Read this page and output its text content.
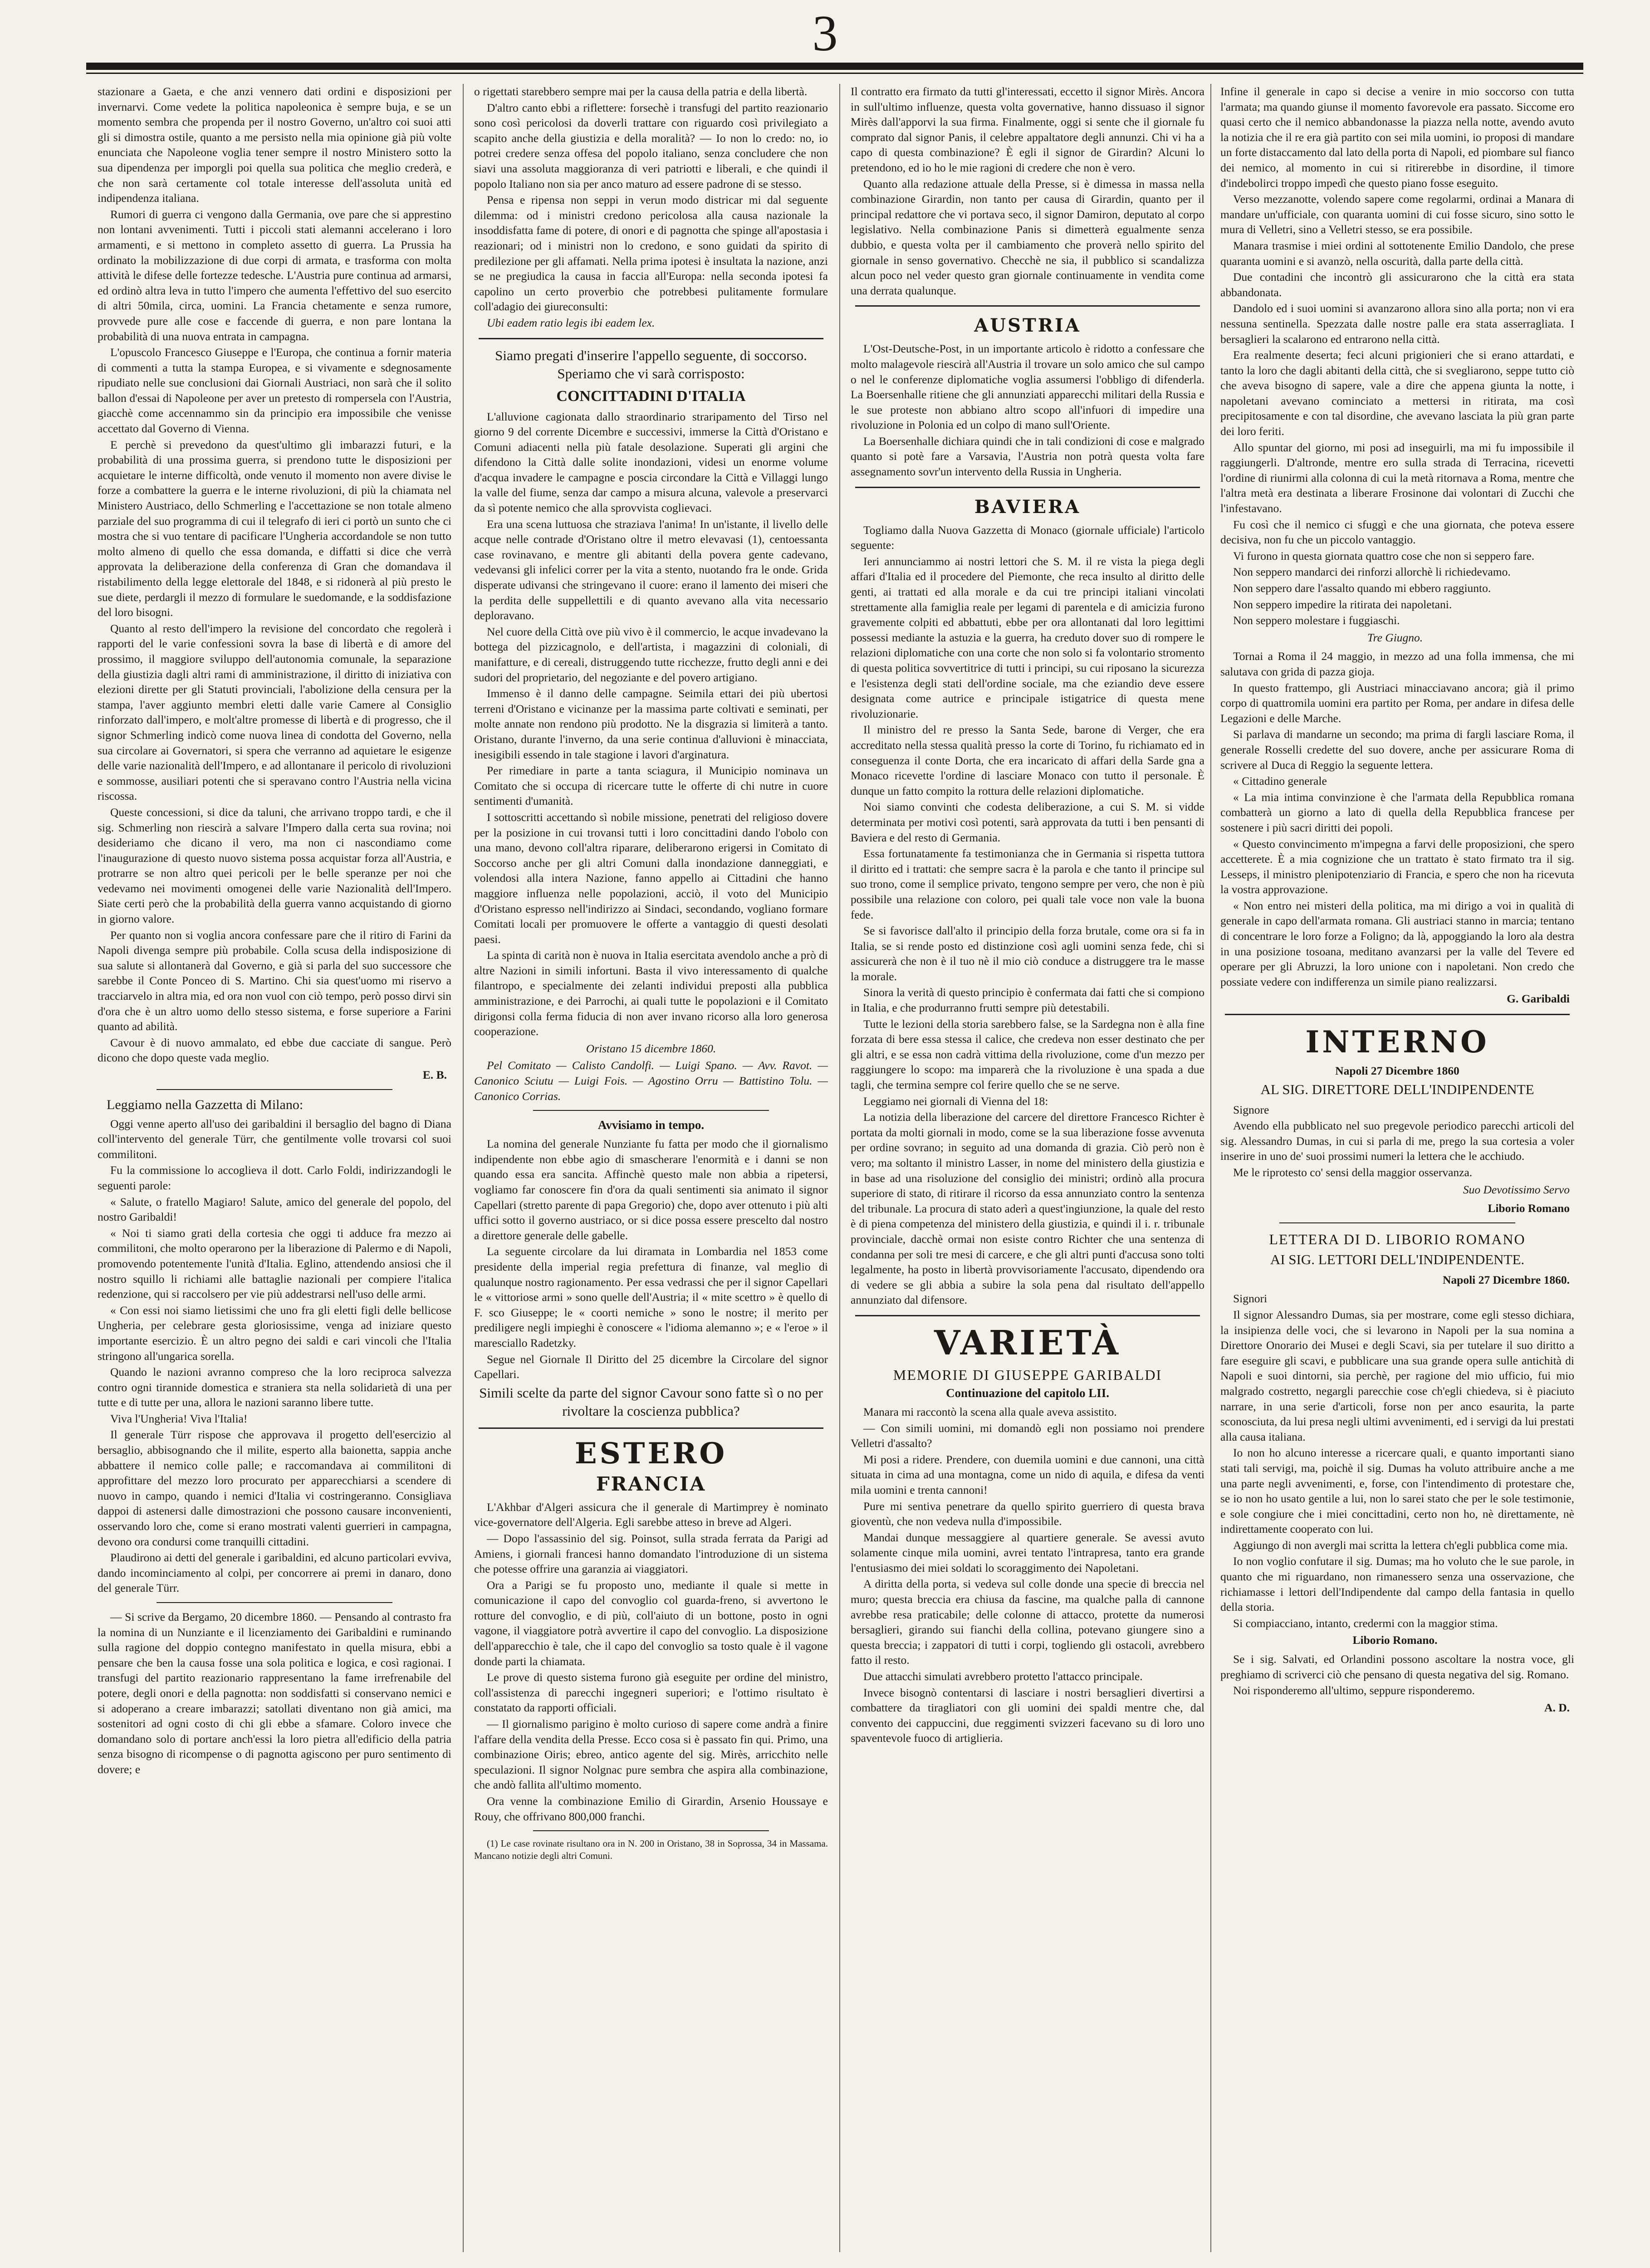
3

stazionare a Gaeta, e che anzi vennero dati ordini e disposizioni per invernarvi. Come vedete la politica napoleonica è sempre buja, e se un momento sembra che propenda per il nostro Governo, un'altro coi suoi atti gli si dimostra ostile, quanto a me persisto nella mia opinione già più volte enunciata che Napoleone voglia tener sempre il nostro Ministero sotto la sua dipendenza per imporgli poi quella sua politica che meglio crederà, e che non sarà certamente col totale interesse dell'assoluta unità ed indipendenza italiana.

Rumori di guerra ci vengono dalla Germania, ove pare che si apprestino non lontani avvenimenti. Tutti i piccoli stati alemanni accelerano i loro armamenti, e si mettono in completo assetto di guerra. La Prussia ha ordinato la mobilizzazione di due corpi di armata, e trasforma con molta attività le difese delle fortezze tedesche. L'Austria pure continua ad armarsi, ed ordinò altra leva in tutto l'impero che aumenta l'effettivo del suo esercito di altri 50mila, circa, uomini. La Francia chetamente e senza rumore, provvede pure alle cose e faccende di guerra, e non pare lontana la probabilità di una nuova entrata in campagna.

L'opuscolo Francesco Giuseppe e l'Europa, che continua a fornir materia di commenti a tutta la stampa Europea, e si vivamente e sdegnosamente ripudiato nelle sue conclusioni dai Giornali Austriaci, non sarà che il solito ballon d'essai di Napoleone per aver un pretesto di rompersela con l'Austria, giacchè come accennammo sin da principio era impossibile che venisse accettato dal Governo di Vienna.

E perchè si prevedono da quest'ultimo gli imbarazzi futuri, e la probabilità di una prossima guerra, si prendono tutte le disposizioni per acquietare le interne difficoltà, onde venuto il momento non avere divise le forze a combattere la guerra e le interne rivoluzioni, di più la chiamata nel Ministero Austriaco, dello Schmerling e l'accettazione se non totale almeno parziale del suo programma di cui il telegrafo di ieri ci portò un sunto che ci mostra che si vuo tentare di pacificare l'Ungheria accordandole se non tutto molto almeno di quello che essa domanda, e diffatti si dice che verrà approvata la deliberazione della conferenza di Gran che domandava il ristabilimento della legge elettorale del 1848, e si ridonerà al più presto le sue diete, perdargli il mezzo di formulare le suedomande, e la soddisfazione del loro bisogni.

Quanto al resto dell'impero la revisione del concordato che regolerà i rapporti del le varie confessioni sovra la base di libertà e di amore del prossimo, il maggiore sviluppo dell'autonomia comunale, la separazione della giustizia dagli altri rami di amministrazione, il diritto di iniziativa con elezioni dirette per gli Statuti provinciali, l'abolizione della censura per la stampa, l'aver aggiunto membri eletti dalle varie Camere al Consiglio rinforzato dall'impero, e molt'altre promesse di libertà e di progresso, che il signor Schmerling indicò come nuova linea di condotta del Governo, nella sua circolare ai Governatori, si spera che verranno ad aquietare le esigenze delle varie nazionalità dell'Impero, e ad allontanare il pericolo di rivoluzioni e sommosse, ausiliari potenti che si speravano contro l'Austria nella vicina riscossa.

Queste concessioni, si dice da taluni, che arrivano troppo tardi, e che il sig. Schmerling non riescirà a salvare l'Impero dalla certa sua rovina; noi desideriamo che dicano il vero, ma non ci nascondiamo come l'inaugurazione di questo nuovo sistema possa acquistar forza all'Austria, e protrarre se non altro quei pericoli per le belle speranze per noi che vedevamo nei movimenti omogenei delle varie Nazionalità dell'Impero. Siate certi però che la probabilità della guerra vanno acquistando di giorno in giorno valore.

Per quanto non si voglia ancora confessare pare che il ritiro di Farini da Napoli divenga sempre più probabile. Colla scusa della indisposizione di sua salute si allontanerà dal Governo, e già si parla del suo successore che sarebbe il Conte Ponceo di S. Martino. Chi sia quest'uomo mi riservo a tracciarvelo in altra mia, ed ora non vuol con ciò tempo, però posso dirvi sin d'ora che è un altro uomo dello stesso sistema, e forse superiore a Farini quanto ad abilità.

Cavour è di nuovo ammalato, ed ebbe due cacciate di sangue. Però dicono che dopo queste vada meglio.

E. B.
Leggiamo nella Gazzetta di Milano:

Oggi venne aperto all'uso dei garibaldini il bersaglio del bagno di Diana coll'intervento del generale Türr, che gentilmente volle trovarsi col suoi commilitoni.

Fu la commissione lo accoglieva il dott. Carlo Foldi, indirizzandogli le seguenti parole:

« Salute, o fratello Magiaro! Salute, amico del generale del popolo, del nostro Garibaldi!

« Noi ti siamo grati della cortesia che oggi ti adduce fra mezzo ai commilitoni, che molto operarono per la liberazione di Palermo e di Napoli, promovendo potentemente l'unità d'Italia. Eglino, attendendo ansiosi che il nostro squillo li richiami alle battaglie nazionali per compiere l'italica redenzione, qui si raccolsero per vie più addestrarsi nell'uso delle armi.

« Con essi noi siamo lietissimi che uno fra gli eletti figli delle bellicose Ungheria, per celebrare gesta gloriosissime, venga ad iniziare questo importante esercizio. È un altro pegno dei saldi e cari vincoli che l'Italia stringono all'ungarica sorella.

Quando le nazioni avranno compreso che la loro reciproca salvezza contro ogni tirannide domestica e straniera sta nella solidarietà di una per tutte e di tutte per una, allora le nazioni saranno libere tutte.

Viva l'Ungheria! Viva l'Italia!

Il generale Türr rispose che approvava il progetto dell'esercizio al bersaglio, abbisognando che il milite, esperto alla baionetta, sappia anche abbattere il nemico colle palle; e raccomandava ai commilitoni di approfittare del mezzo loro procurato per apparecchiarsi a scendere di nuovo in campo, quando i nemici d'Italia vi costringeranno. Consigliava dappoi di astenersi dalle dimostrazioni che possono causare inconvenienti, osservando loro che, come si erano mostrati valenti guerrieri in campagna, devono ora condursi come tranquilli cittadini.

Plaudirono ai detti del generale i garibaldini, ed alcuno particolari evviva, dando incominciamento al colpi, per concorrere ai premi in danaro, dono del generale Türr.

— Si scrive da Bergamo, 20 dicembre 1860. — Pensando al contrasto fra la nomina di un Nunziante e il licenziamento dei Garibaldini e ruminando sulla ragione del doppio contegno manifestato in quella misura, ebbi a pensare che ben la causa fosse una sola politica e logica, e così ragionai. I transfugi del partito reazionario rappresentano la fame irrefrenabile del potere, degli onori e della pagnotta: non soddisfatti si conservano nemici e si adoperano a creare imbarazzi; satollati diventano non già amici, ma sostenitori ad ogni costo di chi gli ebbe a sfamare. Coloro invece che domandano solo di portare anch'essi la loro pietra all'edificio della patria senza bisogno di ricompense o di pagnotta agiscono per puro sentimento di dovere; e

o rigettati starebbero sempre mai per la causa della patria e della libertà.

D'altro canto ebbi a riflettere: forsechè i transfugi del partito reazionario sono così pericolosi da doverli trattare con riguardo così privilegiato a scapito anche della giustizia e della moralità? — Io non lo credo: no, io potrei credere senza offesa del popolo italiano, senza concludere che non siavi una assoluta maggioranza di veri patriotti e liberali, e che quindi il popolo Italiano non sia per anco maturo ad essere padrone di se stesso.

Pensa e ripensa non seppi in verun modo districar mi dal seguente dilemma: od i ministri credono pericolosa alla causa nazionale la insoddisfatta fame di potere, di onori e di pagnotta che spinge all'apostasia i reazionari; od i ministri non lo credono, e sono guidati da spirito di predilezione per gli affamati. Nella prima ipotesi è insultata la nazione, anzi se ne pregiudica la causa in faccia all'Europa: nella seconda ipotesi fa capolino un certo proverbio che potrebbesi pulitamente formulare coll'adagio dei giureconsulti:

Ubi eadem ratio legis ibi eadem lex.

Siamo pregati d'inserire l'appello seguente, di soccorso. Speriamo che vi sarà corrisposto:
CONCITTADINI D'ITALIA

L'alluvione cagionata dallo straordinario straripamento del Tirso nel giorno 9 del corrente Dicembre e successivi, immerse la Città d'Oristano e Comuni adiacenti nella più fatale desolazione. Superati gli argini che difendono la Città dalle solite inondazioni, videsi un enorme volume d'acqua invadere le campagne e poscia circondare la Città e Villaggi lungo la valle del fiume, senza dar campo a misura alcuna, valevole a preservarci da sì potente nemico che alla sprovvista coglievaci.

Era una scena luttuosa che straziava l'anima! In un'istante, il livello delle acque nelle contrade d'Oristano oltre il metro elevavasi (1), centoessanta case rovinavano, e mentre gli abitanti della povera gente cadevano, vedevansi gli infelici correr per la vita a stento, nuotando fra le onde. Grida disperate udivansi che stringevano il cuore: erano il lamento dei miseri che la perdita delle suppellettili e di quanto avevano alla vita necessario deploravano.

Nel cuore della Città ove più vivo è il commercio, le acque invadevano la bottega del pizzicagnolo, e dell'artista, i magazzini di coloniali, di manifatture, e di cereali, distruggendo tutte ricchezze, frutto degli anni e dei sudori del proprietario, del negoziante e del povero artigiano.

Immenso è il danno delle campagne. Seimila ettari dei più ubertosi terreni d'Oristano e vicinanze per la massima parte coltivati e seminati, per molte annate non rendono più prodotto. Ne la disgrazia si limiterà a tanto. Oristano, durante l'inverno, da una serie continua d'alluvioni è minacciata, inesigibili essendo in tale stagione i lavori d'arginatura.

Per rimediare in parte a tanta sciagura, il Municipio nominava un Comitato che si occupa di ricercare tutte le offerte di chi nutre in cuore sentimenti d'umanità.

I sottoscritti accettando sì nobile missione, penetrati del religioso dovere per la posizione in cui trovansi tutti i loro concittadini dando l'obolo con una mano, devono coll'altra riparare, deliberarono erigersi in Comitato di Soccorso anche per gli altri Comuni dalla inondazione danneggiati, e volendosi alla intera Nazione, fanno appello ai Cittadini che hanno maggiore influenza nelle popolazioni, acciò, il voto del Municipio d'Oristano espresso nell'indirizzo ai Sindaci, secondando, vogliano formare Comitati locali per promuovere le offerte a vantaggio di questi desolati paesi.

La spinta di carità non è nuova in Italia esercitata avendolo anche a prò di altre Nazioni in simili infortuni. Basta il vivo interessamento di qualche filantropo, e specialmente dei zelanti individui preposti alla pubblica amministrazione, e dei Parrochi, ai quali tutte le popolazioni e il Comitato dirigonsi colla ferma fiducia di non aver invano ricorso alla loro generosa cooperazione.

Oristano 15 dicembre 1860.

Pel Comitato — Calisto Candolfi. — Luigi Spano. — Avv. Ravot. — Canonico Sciutu — Luigi Fois. — Agostino Orru — Battistino Tolu. — Canonico Corrias.

Avvisiamo in tempo.

La nomina del generale Nunziante fu fatta per modo che il giornalismo indipendente non ebbe agio di smascherare l'enormità e i danni se non quando essa era sancita. Affinchè questo male non abbia a ripetersi, vogliamo far conoscere fin d'ora da quali sentimenti sia animato il signor Capellari (stretto parente di papa Gregorio) che, dopo aver ottenuto i più alti uffici sotto il governo austriaco, or si dice possa essere prescelto dal nostro a direttore generale delle gabelle.

La seguente circolare da lui diramata in Lombardia nel 1853 come presidente della imperial regia prefettura di finanze, val meglio di qualunque nostro ragionamento. Per essa vedrassi che per il signor Capellari le « vittoriose armi » sono quelle dell'Austria; il « mite scettro » è quello di F. sco Giuseppe; le « coorti nemiche » sono le nostre; il merito per prediligere negli impieghi è conoscere « l'idioma alemanno »; e « l'eroe » il maresciallo Radetzky.

Segue nel Giornale Il Diritto del 25 dicembre la Circolare del signor Capellari.

Simili scelte da parte del signor Cavour sono fatte sì o no per rivoltare la coscienza pubblica?
ESTERO
FRANCIA

L'Akhbar d'Algeri assicura che il generale di Martimprey è nominato vice-governatore dell'Algeria. Egli sarebbe atteso in breve ad Algeri.

— Dopo l'assassinio del sig. Poinsot, sulla strada ferrata da Parigi ad Amiens, i giornali francesi hanno domandato l'introduzione di un sistema che potesse offrire una garanzia ai viaggiatori.

Ora a Parigi se fu proposto uno, mediante il quale si mette in comunicazione il capo del convoglio col guarda-freno, si avvertono le rotture del convoglio, e di più, coll'aiuto di un bottone, posto in ogni vagone, il viaggiatore potrà avvertire il capo del convoglio. La disposizione dell'apparecchio è tale, che il capo del convoglio sa tosto quale è il vagone donde parti la chiamata.

Le prove di questo sistema furono già eseguite per ordine del ministro, coll'assistenza di parecchi ingegneri superiori; e l'ottimo risultato è constatato da rapporti officiali.

— Il giornalismo parigino è molto curioso di sapere come andrà a finire l'affare della vendita della Presse. Ecco cosa si è passato fin qui. Primo, una combinazione Oiris; ebreo, antico agente del sig. Mirès, arricchito nelle speculazioni. Il signor Nolgnac pure sembra che aspira alla combinazione, che andò fallita all'ultimo momento.

Ora venne la combinazione Emilio di Girardin, Arsenio Houssaye e Rouy, che offrivano 800,000 franchi.

(1) Le case rovinate risultano ora in N. 200 in Oristano, 38 in Soprossa, 34 in Massama. Mancano notizie degli altri Comuni.

Il contratto era firmato da tutti gl'interessati, eccetto il signor Mirès. Ancora in sull'ultimo influenze, questa volta governative, hanno dissuaso il signor Mirès dall'apporvi la sua firma. Finalmente, oggi si sente che il giornale fu comprato dal signor Panis, il celebre appaltatore degli annunzi. Chi vi ha a capo di questa combinazione? È egli il signor de Girardin? Alcuni lo pretendono, ed io ho le mie ragioni di credere che non è vero.

Quanto alla redazione attuale della Presse, si è dimessa in massa nella combinazione Girardin, non tanto per causa di Girardin, quanto per il principal redattore che vi portava seco, il signor Damiron, deputato al corpo legislativo. Nella combinazione Panis si dimetterà egualmente senza dubbio, e questa volta per il cambiamento che proverà nello spirito del giornale in senso governativo. Checchè ne sia, il pubblico si scandalizza alcun poco nel veder questo gran giornale continuamente in vendita come una derrata qualunque.

AUSTRIA

L'Ost-Deutsche-Post, in un importante articolo è ridotto a confessare che molto malagevole riescirà all'Austria il trovare un solo amico che sul campo o nel le conferenze diplomatiche voglia assumersi l'obbligo di difenderla. La Boersenhalle ritiene che gli annunziati apparecchi militari della Russia e le sue proteste non abbiano altro scopo all'infuori di impedire una rivoluzione in Polonia ed un colpo di mano sull'Oriente.

La Boersenhalle dichiara quindi che in tali condizioni di cose e malgrado quanto si potè fare a Varsavia, l'Austria non potrà questa volta fare assegnamento sovr'un intervento della Russia in Ungheria.

BAVIERA

Togliamo dalla Nuova Gazzetta di Monaco (giornale ufficiale) l'articolo seguente:

Ieri annunciammo ai nostri lettori che S. M. il re vista la piega degli affari d'Italia ed il procedere del Piemonte, che reca insulto al diritto delle genti, ai trattati ed alla morale e da cui tre principi italiani vincolati strettamente alla famiglia reale per legami di parentela e di amicizia furono gravemente colpiti ed abbattuti, ebbe per ora allontanati dal loro legittimi possessi mediante la astuzia e la guerra, ha creduto dover suo di rompere le relazioni diplomatiche con una corte che non solo si fa volontario stromento di questa politica sovvertitrice di tutti i principi, su cui riposano la sicurezza e l'esistenza degli stati dell'ordine sociale, ma che eziandio deve essere designata come autrice e principale istigatrice di questa mene rivoluzionarie.

Il ministro del re presso la Santa Sede, barone di Verger, che era accreditato nella stessa qualità presso la corte di Torino, fu richiamato ed in conseguenza il conte Dorta, che era incaricato di affari della Sarde gna a Monaco ricevette l'ordine di lasciare Monaco con tutto il personale. È dunque un fatto compito la rottura delle relazioni diplomatiche.

Noi siamo convinti che codesta deliberazione, a cui S. M. si vidde determinata per motivi così potenti, sarà approvata da tutti i ben pensanti di Baviera e del resto di Germania.

Essa fortunatamente fa testimonianza che in Germania si rispetta tuttora il diritto ed i trattati: che sempre sacra è la parola e che tanto il principe sul suo trono, come il semplice privato, tengono sempre per vero, che non è più possibile una relazione con coloro, pei quali tale voce non vale la buona fede.

Se si favorisce dall'alto il principio della forza brutale, come ora si fa in Italia, se si rende posto ed distinzione così agli uomini senza fede, chi si assicurerà che non è il tuo nè il mio ciò conduce a distruggere tra le masse la morale.

Sinora la verità di questo principio è confermata dai fatti che si compiono in Italia, e che produrranno frutti sempre più detestabili.

Tutte le lezioni della storia sarebbero false, se la Sardegna non è alla fine forzata di bere essa stessa il calice, che credeva non esser destinato che per gli altri, e se essa non cadrà vittima della rivoluzione, come d'un mezzo per raggiungere lo scopo: ma imparerà che la rivoluzione è una spada a due tagli, che termina sempre col ferire quello che se ne serve.

Leggiamo nei giornali di Vienna del 18:

La notizia della liberazione del carcere del direttore Francesco Richter è portata da molti giornali in modo, come se la sua liberazione fosse avvenuta per ordine sovrano; in seguito ad una domanda di grazia. Ciò però non è vero; ma soltanto il ministro Lasser, in nome del ministero della giustizia e in base ad una risoluzione del consiglio dei ministri; ordinò alla procura superiore di stato, di ritirare il ricorso da essa annunziato contro la sentenza del tribunale. La procura di stato aderì a quest'ingiunzione, la quale del resto è di piena competenza del ministero della giustizia, e quindi il i. r. tribunale provinciale, dacchè ormai non esiste contro Richter che una sentenza di condanna per soli tre mesi di carcere, e che gli altri punti d'accusa sono tolti legalmente, ha posto in libertà provvisoriamente l'accusato, dipendendo ora di vedere se gli abbia a subire la sola pena dal risultato dell'appello annunziato dal difensore.

VARIETÀ
MEMORIE DI GIUSEPPE GARIBALDI
Continuazione del capitolo LII.

Manara mi raccontò la scena alla quale aveva assistito.

— Con simili uomini, mi domandò egli non possiamo noi prendere Velletri d'assalto?

Mi posi a ridere. Prendere, con duemila uomini e due cannoni, una città situata in cima ad una montagna, come un nido di aquila, e difesa da venti mila uomini e trenta cannoni!

Pure mi sentiva penetrare da quello spirito guerriero di questa brava gioventù, che non vedeva nulla d'impossibile.

Mandai dunque messaggiere al quartiere generale. Se avessi avuto solamente cinque mila uomini, avrei tentato l'intrapresa, tanto era grande l'entusiasmo dei miei soldati lo scoraggimento dei Napoletani.

A diritta della porta, si vedeva sul colle donde una specie di breccia nel muro; questa breccia era chiusa da fascine, ma qualche palla di cannone avrebbe resa praticabile; delle colonne di attacco, protette da numerosi bersaglieri, girando sui fianchi della collina, potevano giungere sino a questa breccia; i zappatori di tutti i corpi, togliendo gli ostacoli, avrebbero fatto il resto.

Due attacchi simulati avrebbero protetto l'attacco principale.

Invece bisognò contentarsi di lasciare i nostri bersaglieri divertirsi a combattere da tiragliatori con gli uomini dei spaldi mentre che, dal convento dei cappuccini, due reggimenti svizzeri facevano su di loro uno spaventevole fuoco di artiglieria.

Infine il generale in capo si decise a venire in mio soccorso con tutta l'armata; ma quando giunse il momento favorevole era passato. Siccome ero quasi certo che il nemico abbandonasse la piazza nella notte, avendo avuto la notizia che il re era già partito con sei mila uomini, io proposi di mandare un forte distaccamento dal lato della porta di Napoli, ed piombare sul fianco dei nemico, al momento in cui si ritirerebbe in disordine, il timore d'indebolirci troppo impedì che questo piano fosse eseguito.

Verso mezzanotte, volendo sapere come regolarmi, ordinai a Manara di mandare un'ufficiale, con quaranta uomini di cui fosse sicuro, sino sotto le mura di Velletri, sino a Velletri stesso, se era possibile.

Manara trasmise i miei ordini al sottotenente Emilio Dandolo, che prese quaranta uomini e si avanzò, nella oscurità, dalla parte della città.

Due contadini che incontrò gli assicurarono che la città era stata abbandonata.

Dandolo ed i suoi uomini si avanzarono allora sino alla porta; non vi era nessuna sentinella. Spezzata dalle nostre palle era stata asserragliata. I bersaglieri la scalarono ed entrarono nella città.

Era realmente deserta; feci alcuni prigionieri che si erano attardati, e tanto la loro che dagli abitanti della città, che si svegliarono, seppe tutto ciò che aveva bisogno di sapere, vale a dire che appena giunta la notte, i napoletani avevano cominciato a mettersi in ritirata, ma così precipitosamente e con tal disordine, che avevano lasciata la più gran parte dei loro feriti.

Allo spuntar del giorno, mi posi ad inseguirli, ma mi fu impossibile il raggiungerli. D'altronde, mentre ero sulla strada di Terracina, ricevetti l'ordine di riunirmi alla colonna di cui la metà ritornava a Roma, mentre che l'altra metà era destinata a liberare Frosinone dai volontari di Zucchi che l'infestavano.

Fu così che il nemico ci sfuggì e che una giornata, che poteva essere decisiva, non fu che un piccolo vantaggio.

Vi furono in questa giornata quattro cose che non si seppero fare.

Non seppero mandarci dei rinforzi allorchè li richiedevamo.

Non seppero dare l'assalto quando mi ebbero raggiunto.

Non seppero impedire la ritirata dei napoletani.

Non seppero molestare i fuggiaschi.

Tre Giugno.

Tornai a Roma il 24 maggio, in mezzo ad una folla immensa, che mi salutava con grida di pazza gioja.

In questo frattempo, gli Austriaci minacciavano ancora; già il primo corpo di quattromila uomini era partito per Roma, per andare in difesa delle Legazioni e delle Marche.

Si parlava di mandarne un secondo; ma prima di fargli lasciare Roma, il generale Rosselli credette del suo dovere, anche per assicurare Roma di scrivere al Duca di Reggio la seguente lettera.

« Cittadino generale

« La mia intima convinzione è che l'armata della Repubblica romana combatterà un giorno a lato di quella della Repubblica francese per sostenere i più sacri diritti dei popoli.

« Questo convincimento m'impegna a farvi delle proposizioni, che spero accetterete. È a mia cognizione che un trattato è stato firmato tra il sig. Lesseps, il ministro plenipotenziario di Francia, e spero che non ha ricevuta la vostra approvazione.

« Non entro nei misteri della politica, ma mi dirigo a voi in qualità di generale in capo dell'armata romana. Gli austriaci stanno in marcia; tentano di concentrare le loro forze a Foligno; da là, appoggiando la loro ala destra in una posizione tosoana, meditano avanzarsi per la valle del Tevere ed operare per gli Abruzzi, la loro unione con i napoletani. Non credo che possiate vedere con indifferenza un simile piano realizzarsi.

G. Garibaldi
INTERNO
Napoli 27 Dicembre 1860
AL SIG. DIRETTORE DELL'INDIPENDENTE

Signore

Avendo ella pubblicato nel suo pregevole periodico parecchi articoli del sig. Alessandro Dumas, in cui si parla di me, prego la sua cortesia a voler inserire in uno de' suoi prossimi numeri la lettera che le acchiudo.

Me le riprotesto co' sensi della maggior osservanza.

Suo Devotissimo Servo
Liborio Romano
LETTERA DI D. LIBORIO ROMANO
AI SIG. LETTORI DELL'INDIPENDENTE.
Napoli 27 Dicembre 1860.

Signori

Il signor Alessandro Dumas, sia per mostrare, come egli stesso dichiara, la insipienza delle voci, che si levarono in Napoli per la sua nomina a Direttore Onorario dei Musei e degli Scavi, sia per tutelare il suo diritto a fare eseguire gli scavi, e pubblicare una sua grande opera sulle antichità di Napoli e suoi dintorni, sia perchè, per ragione del mio ufficio, fui mio malgrado costretto, negargli parecchie cose ch'egli chiedeva, si è piaciuto narrare, in una serie d'articoli, forse non per anco esaurita, la parte sconosciuta, da lui presa negli ultimi avvenimenti, ed i servigi da lui prestati alla causa italiana.

Io non ho alcuno interesse a ricercare quali, e quanto importanti siano stati tali servigi, ma, poichè il sig. Dumas ha voluto attribuire anche a me una parte negli avvenimenti, e, forse, con l'intendimento di protestare che, se io non ho usato gentile a lui, non lo sarei stato che per le sole testimonie, e sole congiure che i miei concittadini, certo non ho, nè direttamente, nè indirettamente cooperato con lui.

Aggiungo di non avergli mai scritta la lettera ch'egli pubblica come mia.

Io non voglio confutare il sig. Dumas; ma ho voluto che le sue parole, in quanto che mi riguardano, non rimanessero senza una osservazione, che richiamasse i lettori dell'Indipendente dal campo della fantasia in quello della storia.

Si compiacciano, intanto, credermi con la maggior stima.

Liborio Romano.

Se i sig. Salvati, ed Orlandini possono ascoltare la nostra voce, gli preghiamo di scriverci ciò che pensano di questa negativa del sig. Romano.

Noi risponderemo all'ultimo, seppure risponderemo.

A. D.
